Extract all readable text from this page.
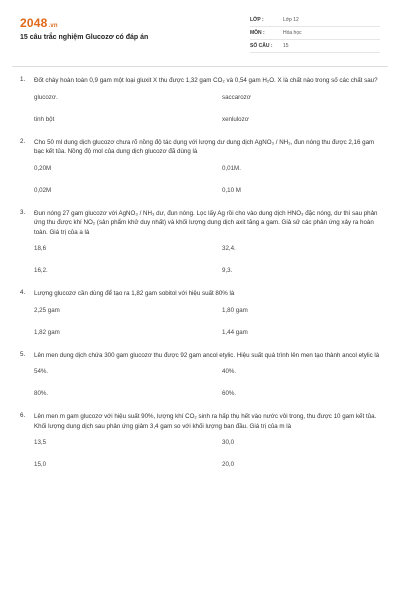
2048.vn
15 câu trắc nghiệm Glucozơ có đáp án
LỚP :	Lớp 12
MÔN :	Hóa học
SỐ CÂU :	15
1.	Đốt cháy hoàn toàn 0,9 gam một loại gluxit X thu được 1,32 gam CO₂ và 0,54 gam H₂O. X là chất nào trong số các chất sau?
glucozơ.	saccarozơ
tinh bột	xenlulozơ
2.	Cho 50 ml dung dịch glucozơ chưa rõ nồng độ tác dụng với lượng dư dung dịch AgNO₃ / NH₃, đun nóng thu được 2,16 gam bạc kết tủa. Nồng độ mol của dung dịch glucozơ đã dùng là
0,20M	0,01M.
0,02M	0,10 M
3.	Đun nóng 27 gam glucozơ với AgNO₃ / NH₃ dư, đun nóng. Lọc lấy Ag rồi cho vào dung dịch HNO₃ đặc nóng, dư thì sau phản ứng thu được khí NO₂ (sản phẩm khử duy nhất) và khối lượng dung dịch axit tăng a gam. Giả sử các phản ứng xảy ra hoàn toàn. Giá trị của a là
18,6	32,4.
16,2.	9,3.
4.	Lượng glucozơ cần dùng để tạo ra 1,82 gam sobitol với hiệu suất 80% là
2,25 gam	1,80 gam
1,82 gam	1,44 gam
5.	Lên men dung dịch chứa 300 gam glucozơ thu được 92 gam ancol etylic. Hiệu suất quá trình lên men tạo thành ancol etylic là
54%.	40%.
80%.	60%.
6.	Lên men m gam glucozơ với hiệu suất 90%, lượng khí CO₂ sinh ra hấp thụ hết vào nước vôi trong, thu được 10 gam kết tủa. Khối lượng dung dịch sau phản ứng giảm 3,4 gam so với khối lượng ban đầu. Giá trị của m là
13,5	30,0
15,0	20,0
